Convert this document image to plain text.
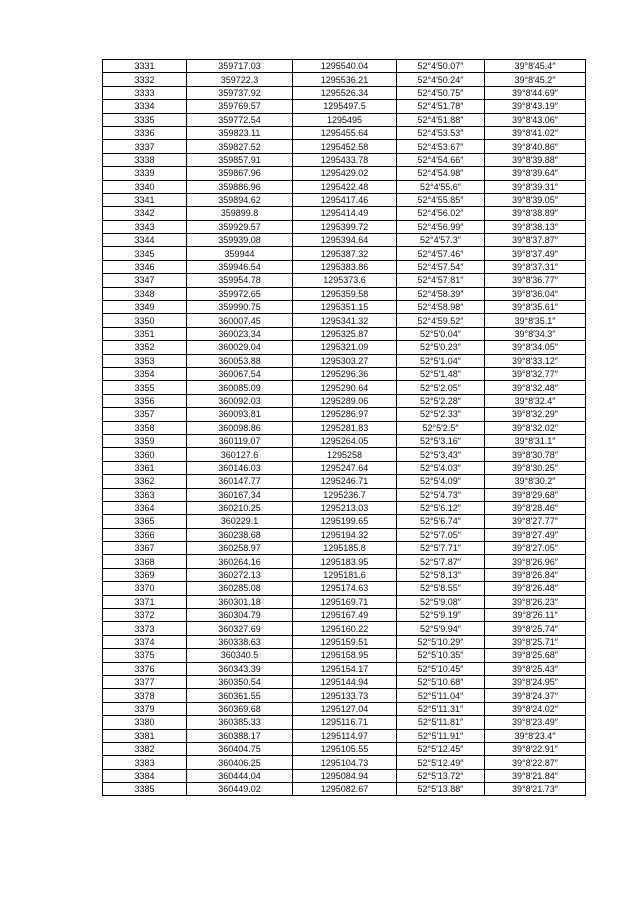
3331	359717.03	1295540.04	52°4′50.07″	39°8′45.4″
3332	359722.3	1295536.21	52°4′50.24″	39°8′45.2″
3333	359737.92	1295526.34	52°4′50.75″	39°8′44.69″
3334	359769.57	1295497.5	52°4′51.78″	39°8′43.19″
3335	359772.54	1295495	52°4′51.88″	39°8′43.06″
3336	359823.11	1295455.64	52°4′53.53″	39°8′41.02″
3337	359827.52	1295452.58	52°4′53.67″	39°8′40.86″
3338	359857.91	1295433.78	52°4′54.66″	39°8′39.88″
3339	359867.96	1295429.02	52°4′54.98″	39°8′39.64″
3340	359886.96	1295422.48	52°4′55.6″	39°8′39.31″
3341	359894.62	1295417.46	52°4′55.85″	39°8′39.05″
3342	359899.8	1295414.49	52°4′56.02″	39°8′38.89″
3343	359929.57	1295399.72	52°4′56.99″	39°8′38.13″
3344	359939.08	1295394.64	52°4′57.3″	39°8′37.87″
3345	359944	1295387.32	52°4′57.46″	39°8′37.49″
3346	359946.54	1295383.86	52°4′57.54″	39°8′37.31″
3347	359954.78	1295373.6	52°4′57.81″	39°8′36.77″
3348	359972.65	1295359.58	52°4′58.39″	39°8′36.04″
3349	359990.75	1295351.15	52°4′58.98″	39°8′35.61″
3350	360007.45	1295341.32	52°4′59.52″	39°8′35.1″
3351	360023.34	1295325.87	52°5′0.04″	39°8′34.3″
3352	360029.04	1295321.09	52°5′0.23″	39°8′34.05″
3353	360053.88	1295303.27	52°5′1.04″	39°8′33.12″
3354	360067.54	1295296.36	52°5′1.48″	39°8′32.77″
3355	360085.09	1295290.64	52°5′2.05″	39°8′32.48″
3356	360092.03	1295289.06	52°5′2.28″	39°8′32.4″
3357	360093.81	1295286.97	52°5′2.33″	39°8′32.29″
3358	360098.86	1295281.83	52°5′2.5″	39°8′32.02″
3359	360119.07	1295264.05	52°5′3.16″	39°8′31.1″
3360	360127.6	1295258	52°5′3.43″	39°8′30.78″
3361	360146.03	1295247.64	52°5′4.03″	39°8′30.25″
3362	360147.77	1295246.71	52°5′4.09″	39°8′30.2″
3363	360167.34	1295236.7	52°5′4.73″	39°8′29.68″
3364	360210.25	1295213.03	52°5′6.12″	39°8′28.46″
3365	360229.1	1295199.65	52°5′6.74″	39°8′27.77″
3366	360238.68	1295194.32	52°5′7.05″	39°8′27.49″
3367	360258.97	1295185.8	52°5′7.71″	39°8′27.05″
3368	360264.16	1295183.95	52°5′7.87″	39°8′26.96″
3369	360272.13	1295181.6	52°5′8.13″	39°8′26.84″
3370	360285.08	1295174.63	52°5′8.55″	39°8′26.48″
3371	360301.18	1295169.71	52°5′9.08″	39°8′26.23″
3372	360304.79	1295167.49	52°5′9.19″	39°8′26.11″
3373	360327.69	1295160.22	52°5′9.94″	39°8′25.74″
3374	360338.63	1295159.51	52°5′10.29″	39°8′25.71″
3375	360340.5	1295158.95	52°5′10.35″	39°8′25.68″
3376	360343.39	1295154.17	52°5′10.45″	39°8′25.43″
3377	360350.54	1295144.94	52°5′10.68″	39°8′24.95″
3378	360361.55	1295133.73	52°5′11.04″	39°8′24.37″
3379	360369.68	1295127.04	52°5′11.31″	39°8′24.02″
3380	360385.33	1295116.71	52°5′11.81″	39°8′23.49″
3381	360388.17	1295114.97	52°5′11.91″	39°8′23.4″
3382	360404.75	1295105.55	52°5′12.45″	39°8′22.91″
3383	360406.25	1295104.73	52°5′12.49″	39°8′22.87″
3384	360444.04	1295084.94	52°5′13.72″	39°8′21.84″
3385	360449.02	1295082.67	52°5′13.88″	39°8′21.73″
